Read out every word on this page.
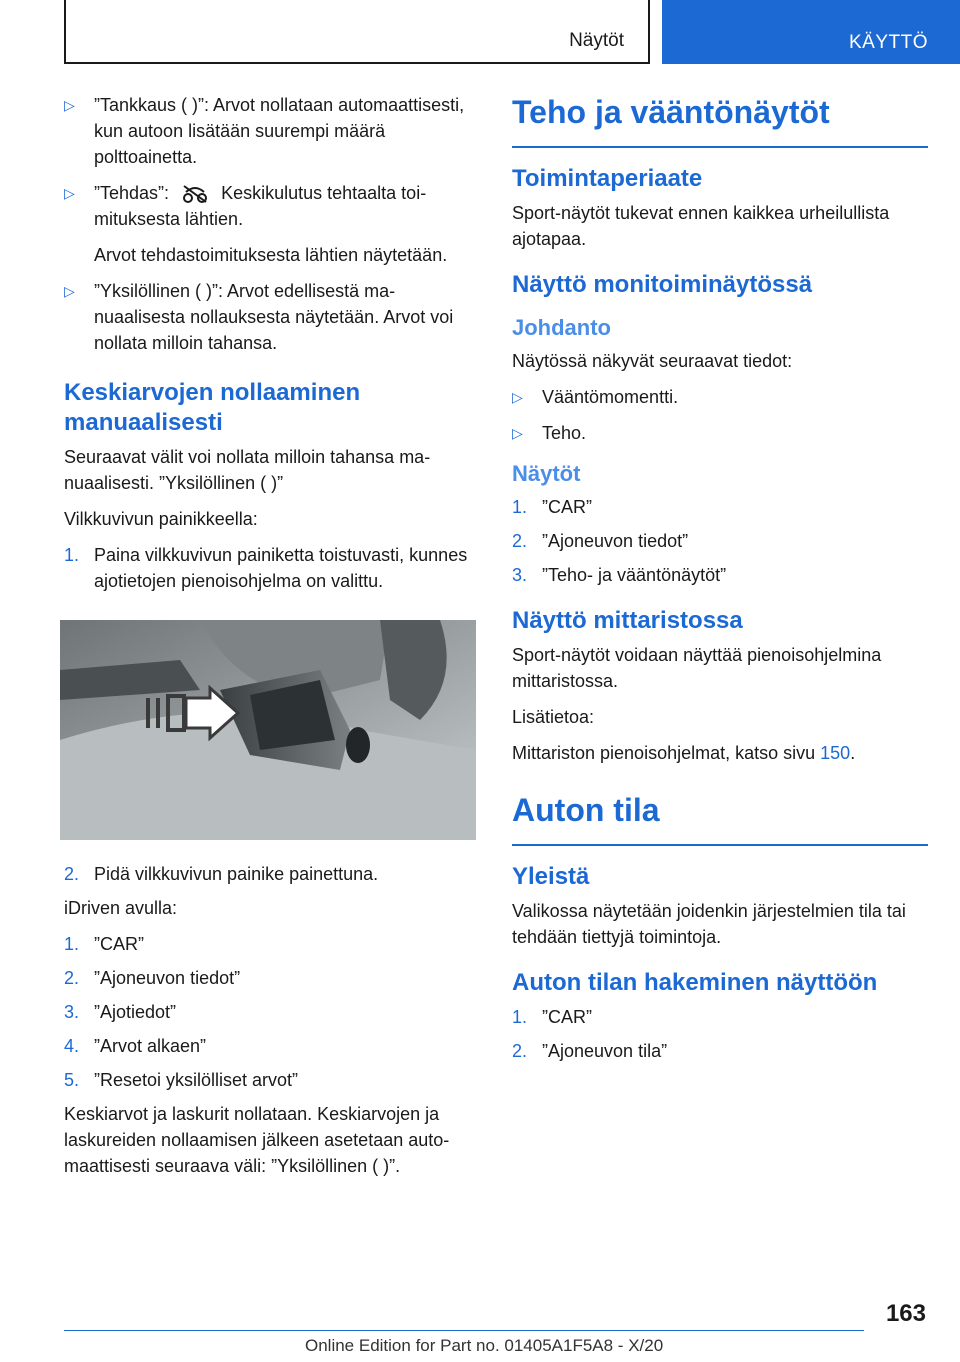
Näytöt	KÄYTTÖ
▷ ”Tankkaus ( )”: Arvot nollataan automaattisesti, kun autoon lisätään suurempi määrä polttoainetta.
▷ ”Tehdas”:	Keskikulutus tehtaalta toimituksesta lähtien.
Arvot tehdastoimituksesta lähtien näytetään.
▷ ”Yksilöllinen ( )”: Arvot edellisestä manuaalisesta nollauksesta näytetään. Arvot voi nollata milloin tahansa.
Keskiarvojen nollaaminen manuaalisesti

Seuraavat välit voi nollata milloin tahansa manuaalisesti. ”Yksilöllinen ( )”

Vilkkuvivun painikkeella:

1. Paina vilkkuvivun painiketta toistuvasti, kunnes ajotietojen pienoisohjelma on valittu.
2. Pidä vilkkuvivun painike painettuna.

iDriven avulla:

1. ”CAR”
2. ”Ajoneuvon tiedot”
3. ”Ajotiedot”
4. ”Arvot alkaen”
5. ”Resetoi yksilölliset arvot”

Keskiarvot ja laskurit nollataan. Keskiarvojen ja laskureiden nollaamisen jälkeen asetetaan automaattisesti seuraava väli: ”Yksilöllinen ( )”.

Teho ja vääntönäytöt
Toimintaperiaate

Sport-näytöt tukevat ennen kaikkea urheilullista ajotapaa.

Näyttö monitoiminäytössä
Johdanto

Näytössä näkyvät seuraavat tiedot:

▷ Vääntömomentti.
▷ Teho.
Näytöt
1. ”CAR”
2. ”Ajoneuvon tiedot”
3. ”Teho- ja vääntönäytöt”
Näyttö mittaristossa

Sport-näytöt voidaan näyttää pienoisohjelmina mittaristossa.

Lisätietoa:

Mittariston pienoisohjelmat, katso sivu 150.

Auton tila
Yleistä

Valikossa näytetään joidenkin järjestelmien tila tai tehdään tiettyjä toimintoja.

Auton tilan hakeminen näyttöön
1. ”CAR”
2. ”Ajoneuvon tila”
163
Online Edition for Part no. 01405A1F5A8 - X/20
